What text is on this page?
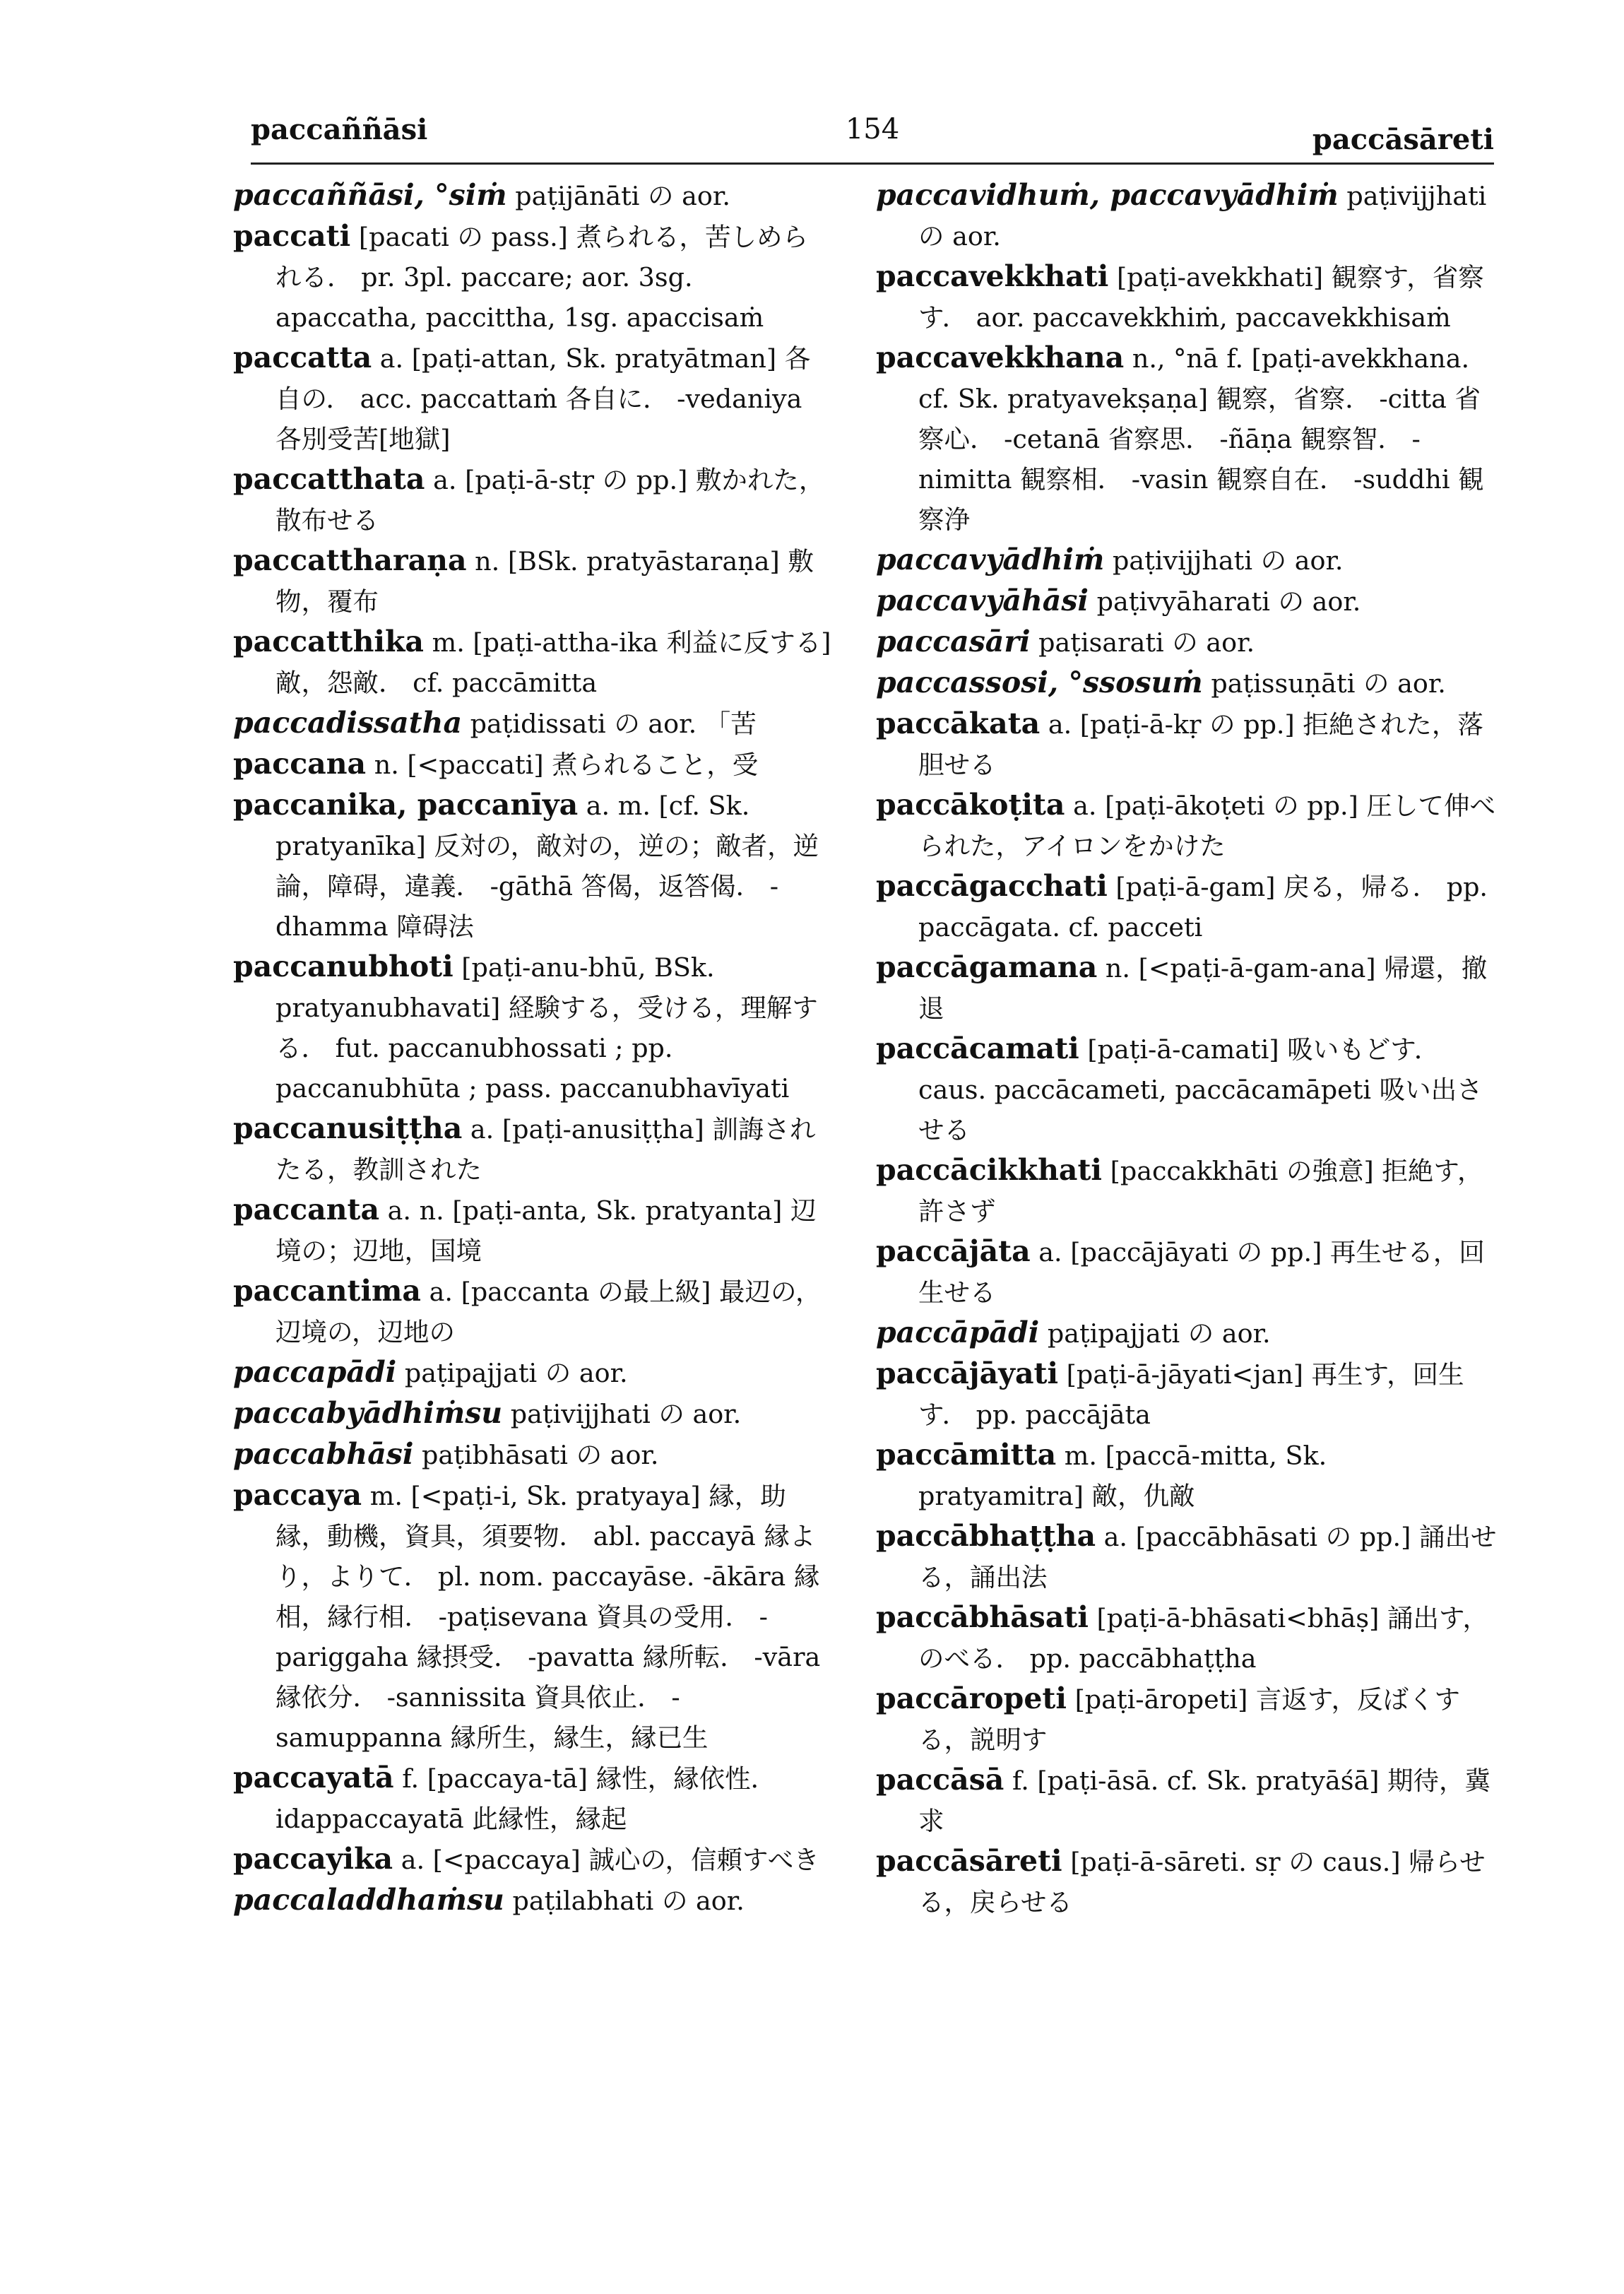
paccaññāsi	154	paccāsāreti

paccaññāsi, °siṁ paṭijānāti の aor.

paccati [pacati の pass.] 煮られる，苦しめられる． pr. 3pl. paccare; aor. 3sg. apaccatha, paccittha, 1sg. apaccisaṁ

paccatta a. [paṭi-attan, Sk. pratyātman] 各自の． acc. paccattaṁ 各自に． -vedaniya 各別受苦[地獄]

paccatthata a. [paṭi-ā-stṛ の pp.] 敷かれた，散布せる

paccattharaṇa n. [BSk. pratyāstaraṇa] 敷物，覆布

paccatthika m. [paṭi-attha-ika 利益に反する] 敵，怨敵． cf. paccāmitta

paccadissatha paṭidissati の aor. 「苦

paccana n. [<paccati] 煮られること，受

paccanika, paccanīya a. m. [cf. Sk. pratyanīka] 反対の，敵対の，逆の；敵者，逆論，障碍，違義． -gāthā 答偈，返答偈． -dhamma 障碍法

paccanubhoti [paṭi-anu-bhū, BSk. pratyanubhavati] 経験する，受ける，理解する． fut. paccanubhossati ; pp. paccanubhūta ; pass. paccanubhavīyati

paccanusiṭṭha a. [paṭi-anusiṭṭha] 訓誨されたる，教訓された

paccanta a. n. [paṭi-anta, Sk. pratyanta] 辺境の；辺地，国境

paccantima a. [paccanta の最上級] 最辺の，辺境の，辺地の

paccapādi paṭipajjati の aor.

paccabyādhiṁsu paṭivijjhati の aor.

paccabhāsi paṭibhāsati の aor.

paccaya m. [<paṭi-i, Sk. pratyaya] 縁，助縁，動機，資具，須要物． abl. paccayā 縁より，よりて． pl. nom. paccayāse. -ākāra 縁相，縁行相． -paṭisevana 資具の受用． -pariggaha 縁摂受． -pavatta 縁所転． -vāra 縁依分． -sannissita 資具依止． -samuppanna 縁所生，縁生，縁已生

paccayatā f. [paccaya-tā] 縁性，縁依性． idappaccayatā 此縁性，縁起

paccayika a. [<paccaya] 誠心の，信頼すべき

paccaladdhaṁsu paṭilabhati の aor.

paccavidhuṁ, paccavyādhiṁ paṭivijjhati の aor.

paccavekkhati [paṭi-avekkhati] 観察す，省察す． aor. paccavekkhiṁ, paccavekkhisaṁ

paccavekkhana n., °nā f. [paṭi-avekkhana. cf. Sk. pratyavekṣaṇa] 観察，省察． -citta 省察心． -cetanā 省察思． -ñāṇa 観察智． -nimitta 観察相． -vasin 観察自在． -suddhi 観察浄

paccavyādhiṁ paṭivijjhati の aor.

paccavyāhāsi paṭivyāharati の aor.

paccasāri paṭisarati の aor.

paccassosi, °ssosuṁ paṭissuṇāti の aor.

paccākata a. [paṭi-ā-kṛ の pp.] 拒絶された，落胆せる

paccākoṭita a. [paṭi-ākoṭeti の pp.] 圧して伸べられた，アイロンをかけた

paccāgacchati [paṭi-ā-gam] 戻る，帰る． pp. paccāgata. cf. pacceti

paccāgamana n. [<paṭi-ā-gam-ana] 帰還，撤退

paccācamati [paṭi-ā-camati] 吸いもどす． caus. paccācameti, paccācamāpeti 吸い出させる

paccācikkhati [paccakkhāti の強意] 拒絶す，許さず

paccājāta a. [paccājāyati の pp.] 再生せる，回生せる

paccāpādi paṭipajjati の aor.

paccājāyati [paṭi-ā-jāyati<jan] 再生す，回生す． pp. paccājāta

paccāmitta m. [paccā-mitta, Sk. pratyamitra] 敵，仇敵

paccābhaṭṭha a. [paccābhāsati の pp.] 誦出せる，誦出法

paccābhāsati [paṭi-ā-bhāsati<bhāṣ] 誦出す，のべる． pp. paccābhaṭṭha

paccāropeti [paṭi-āropeti] 言返す，反ばくする，説明す

paccāsā f. [paṭi-āsā. cf. Sk. pratyāśā] 期待，冀求

paccāsāreti [paṭi-ā-sāreti. sṛ の caus.] 帰らせる，戻らせる
